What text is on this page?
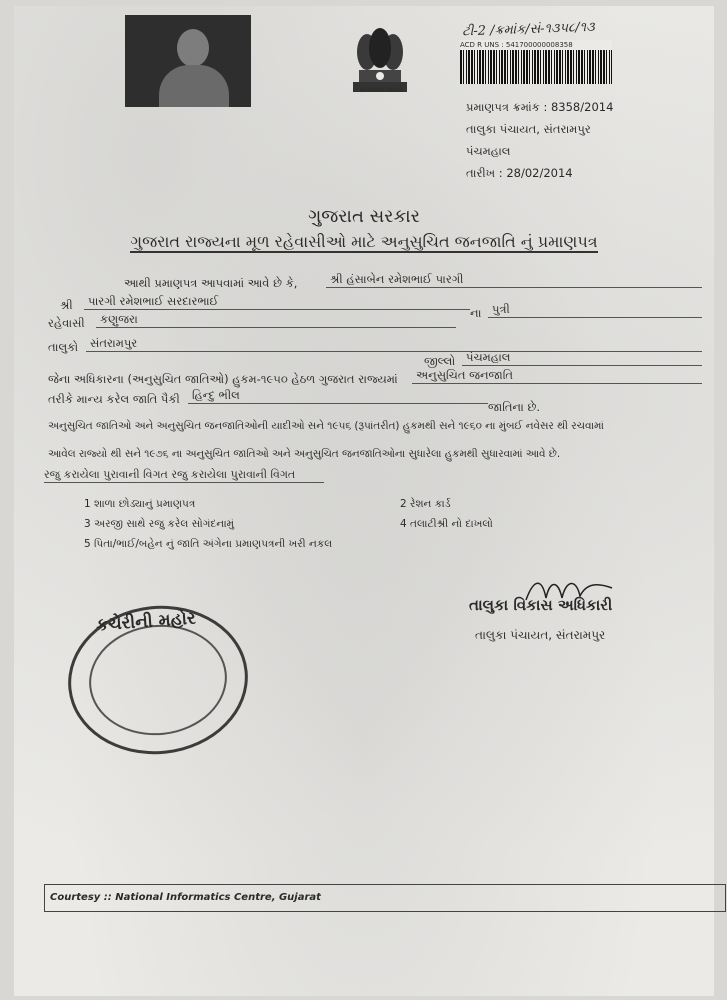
સત્યમેવ જયતે
ટી-2 /ક્રમાંક/સં-૧૩૫૮/૧૩
ACD R UNS : 541700000008358
પ્રમાણપત્ર ક્રમાંક : 8358/2014
તાલુકા પંચાયત, સંતરામપુર
પંચમહાલ
તારીખ : 28/02/2014
ગુજરાત સરકાર
ગુજરાત રાજ્યના મૂળ રહેવાસીઓ માટે અનુસુચિત જનજાતિ નું પ્રમાણપત્ર
આથી પ્રમાણપત્ર આપવામાં આવે છે કે,	શ્રી હંસાબેન રમેશભાઈ પારગી
શ્રી	પારગી રમેશભાઈ સરદારભાઈ
ના પુત્રી
રહેવાસી	કણુજરા
તાલુકો	સંતરામપુર
જીલ્લો પંચમહાલ
જેના અધિકારના (અનુસુચિત જાતિઓ) હુકમ-૧૯૫૦ હેઠળ ગુજરાત રાજ્યમાં	અનુસુચિત જનજાતિ
તરીકે માન્ય કરેલ જાતિ પૈકી	હિન્દુ ભીલ
જાતિના છે.
અનુસુચિત જાતિઓ અને અનુસુચિત જનજાતિઓની યાદીઓ સને ૧૯૫૬ (રૂપાંતરીત) હુકમથી સને ૧૯૬૦ ના મુંબઈ નવેસર થી રચવામાં
આવેલ રાજ્યો થી સને ૧૯૭૬ ના અનુસુચિત જાતિઓ અને અનુસુચિત જનજાતિઓના સુધારેલા હુકમથી સુધારવામાં આવે છે.
રજુ કરાયેલા પુરાવાની વિગત રજુ કરાયેલા પુરાવાની વિગત
1 શાળા છોડ્યાનું પ્રમાણપત્ર	2 રેશન કાર્ડ
3 અરજી સાથે રજુ કરેલ સોગંદનામું	4 તલાટીશ્રી નો દાખલો
5 પિતા/ભાઈ/બહેન નું જાતિ અંગેના પ્રમાણપત્રની ખરી નકલ
કચેરીની મહોર
તાલુકા વિકાસ અધિકારી
તાલુકા પંચાયત, સંતરામપુર
Courtesy :: National Informatics Centre, Gujarat
